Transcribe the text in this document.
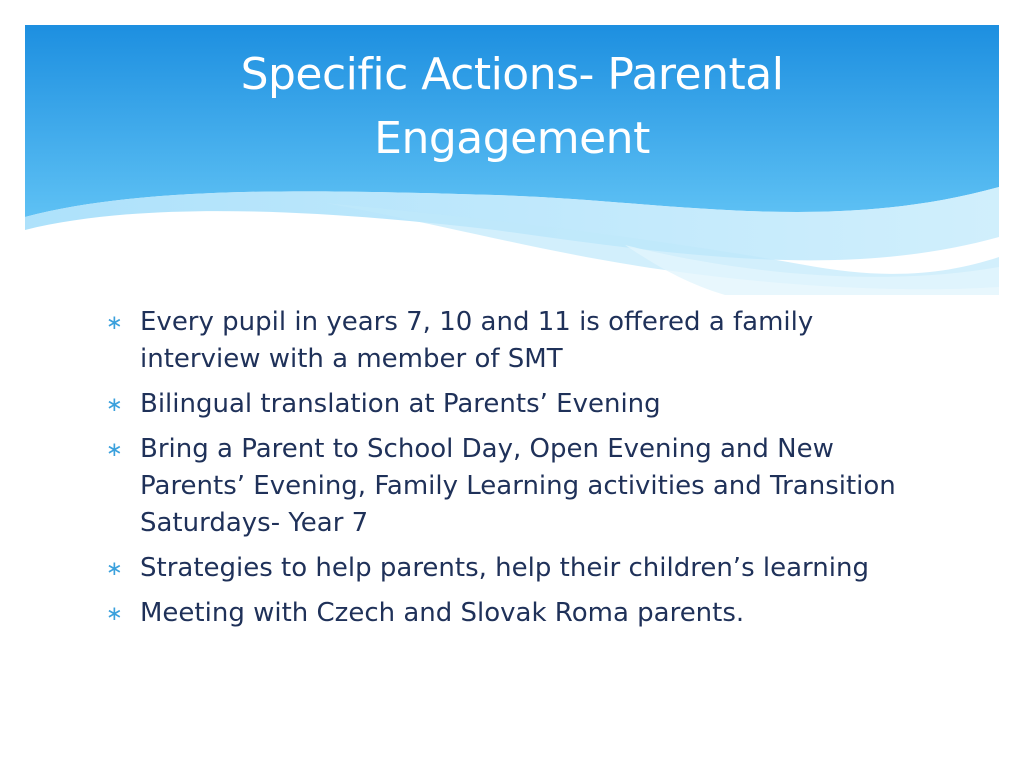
Specific Actions- Parental
Engagement
∗ Every pupil in years 7, 10 and 11 is offered a family interview with a member of SMT
∗ Bilingual translation at Parents’ Evening
∗ Bring a Parent to School Day, Open Evening and New Parents’ Evening, Family Learning activities and Transition Saturdays- Year 7
∗ Strategies to help parents, help their children’s learning
∗ Meeting with Czech and Slovak Roma parents.
